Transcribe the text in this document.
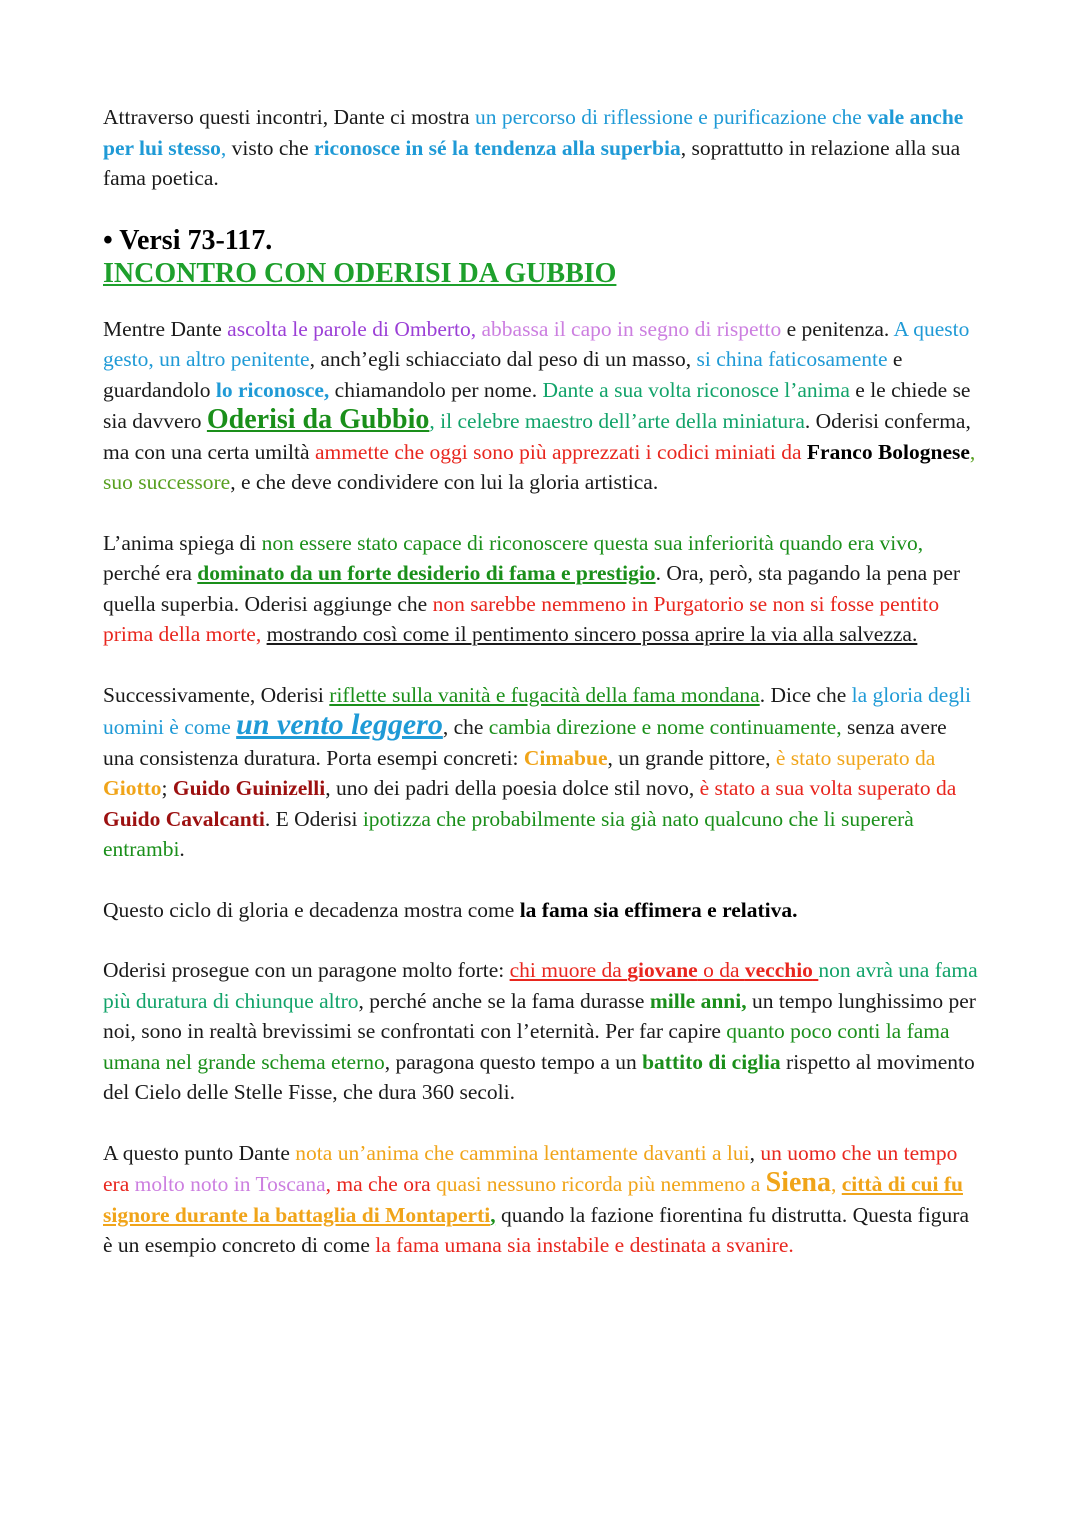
Attraverso questi incontri, Dante ci mostra un percorso di riflessione e purificazione che vale anche per lui stesso, visto che riconosce in sé la tendenza alla superbia, soprattutto in relazione alla sua fama poetica.

• Versi 73-117.
INCONTRO CON ODERISI DA GUBBIO

Mentre Dante ascolta le parole di Omberto, abbassa il capo in segno di rispetto e penitenza. A questo gesto, un altro penitente, anch’egli schiacciato dal peso di un masso, si china faticosamente e guardandolo lo riconosce, chiamandolo per nome. Dante a sua volta riconosce l’anima e le chiede se sia davvero Oderisi da Gubbio, il celebre maestro dell’arte della miniatura. Oderisi conferma, ma con una certa umiltà ammette che oggi sono più apprezzati i codici miniati da Franco Bolognese, suo successore, e che deve condividere con lui la gloria artistica.

L’anima spiega di non essere stato capace di riconoscere questa sua inferiorità quando era vivo, perché era dominato da un forte desiderio di fama e prestigio. Ora, però, sta pagando la pena per quella superbia. Oderisi aggiunge che non sarebbe nemmeno in Purgatorio se non si fosse pentito prima della morte, mostrando così come il pentimento sincero possa aprire la via alla salvezza.

Successivamente, Oderisi riflette sulla vanità e fugacità della fama mondana. Dice che la gloria degli uomini è come un vento leggero, che cambia direzione e nome continuamente, senza avere una consistenza duratura. Porta esempi concreti: Cimabue, un grande pittore, è stato superato da Giotto; Guido Guinizelli, uno dei padri della poesia dolce stil novo, è stato a sua volta superato da Guido Cavalcanti. E Oderisi ipotizza che probabilmente sia già nato qualcuno che li supererà entrambi.

Questo ciclo di gloria e decadenza mostra come la fama sia effimera e relativa.

Oderisi prosegue con un paragone molto forte: chi muore da giovane o da vecchio non avrà una fama più duratura di chiunque altro, perché anche se la fama durasse mille anni, un tempo lunghissimo per noi, sono in realtà brevissimi se confrontati con l’eternità. Per far capire quanto poco conti la fama umana nel grande schema eterno, paragona questo tempo a un battito di ciglia rispetto al movimento del Cielo delle Stelle Fisse, che dura 360 secoli.

A questo punto Dante nota un’anima che cammina lentamente davanti a lui, un uomo che un tempo era molto noto in Toscana, ma che ora quasi nessuno ricorda più nemmeno a Siena, città di cui fu signore durante la battaglia di Montaperti, quando la fazione fiorentina fu distrutta. Questa figura è un esempio concreto di come la fama umana sia instabile e destinata a svanire.
